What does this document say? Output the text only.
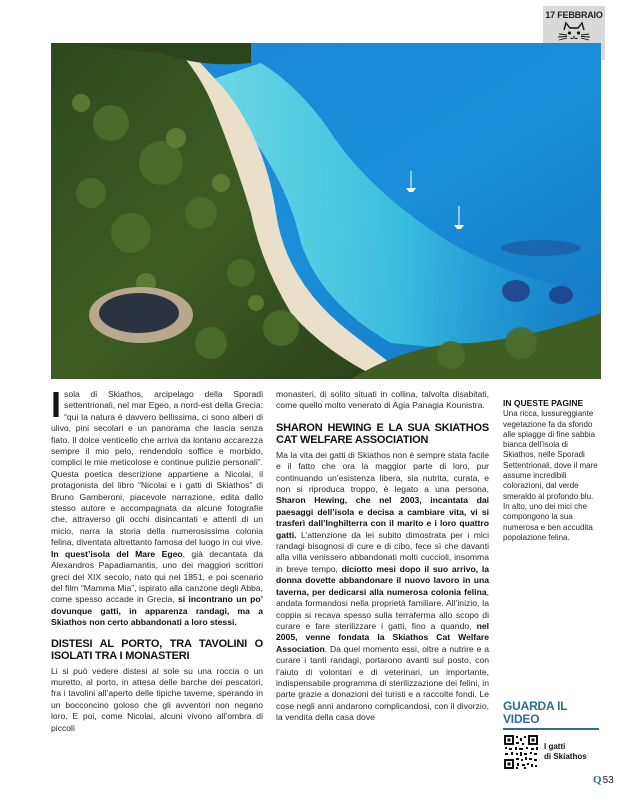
17 FEBBRAIO

Isola di Skiathos, arcipelago della Sporadi settentrionali, nel mar Egeo, a nord-est della Grecia: “qui la natura è davvero bellissima, ci sono alberi di ulivo, pini secolari e un panorama che lascia senza fiato. Il dolce venticello che arriva da lontano accarezza sempre il mio pelo, rendendolo soffice e morbido, complici le mie meticolose e continue pulizie personali”. Questa poetica descrizione appartiene a Nicolai, il protagonista del libro “Nicolai e i gatti di Skiathos” di Bruno Gamberoni, piacevole narrazione, edita dallo stesso autore e accompagnata da alcune fotografie che, attraverso gli occhi disincantati e attenti di un micio, narra la storia della numerosissima colonia felina, diventata altrettanto famosa del luogo in cui vive. In quest’isola del Mare Egeo, già decantata da Alexandros Papadiamantis, uno dei maggiori scrittori greci del XIX secolo, nato qui nel 1851, e poi scenario del film “Mamma Mia”, ispirato alla canzone degli Abba, come spesso accade in Grecia, si incontrano un po’ dovunque gatti, in apparenza randagi, ma a Skiathos non certo abbandonati a loro stessi.

DISTESI AL PORTO, TRA TAVOLINI O ISOLATI TRA I MONASTERI

Li si può vedere distesi al sole su una roccia o un muretto, al porto, in attesa delle barche dei pescatori, fra i tavolini all’aperto delle tipiche taverne, sperando in un bocconcino goloso che gli avventori non negano loro. E poi, come Nicolai, alcuni vivono all’ombra di piccoli

monasteri, di solito situati in collina, talvolta disabitati, come quello molto venerato di Agia Panagia Kounistra.

SHARON HEWING E LA SUA SKIATHOS CAT WELFARE ASSOCIATION

Ma la vita dei gatti di Skiathos non è sempre stata facile e il fatto che ora la maggior parte di loro, pur continuando un’esistenza libera, sia nutrita, curata, e non si riproduca troppo, è legato a una persona, Sharon Hewing, che nel 2003, incantata dai paesaggi dell’isola e decisa a cambiare vita, vi si trasferì dall’Inghilterra con il marito e i loro quattro gatti. L’attenzione da lei subito dimostrata per i mici randagi bisognosi di cure e di cibo, fece sì che davanti alla villa venissero abbandonati molti cuccioli, insomma in breve tempo, diciotto mesi dopo il suo arrivo, la donna dovette abbandonare il nuovo lavoro in una taverna, per dedicarsi alla numerosa colonia felina, andata formandosi nella proprietà familiare. All’inizio, la coppia si recava spesso sulla terraferma allo scopo di curare e fare sterilizzare i gatti, fino a quando, nel 2005, venne fondata la Skiathos Cat Welfare Association. Da quel momento essi, oltre a nutrire e a curare i tanti randagi, portarono avanti sul posto, con l’aiuto di volontari e di veterinari, un importante, indispensabile programma di sterilizzazione dei felini, in parte grazie a donazioni dei turisti e a raccolte fondi. Le cose negli anni andarono complicandosi, con il divorzio, la vendita della casa dove

IN QUESTE PAGINE

Una ricca, lussureggiante vegetazione fa da sfondo alle spiagge di fine sabbia bianca dell’isola di Skiathos, nelle Sporadi Settentrionali, dove il mare assume incredibili colorazioni, dal verde smeraldo al profondo blu. In alto, uno dei mici che compongono la sua numerosa e ben accudita popolazione felina.

GUARDA IL VIDEO
I gatti
di Skiathos
Q 53
